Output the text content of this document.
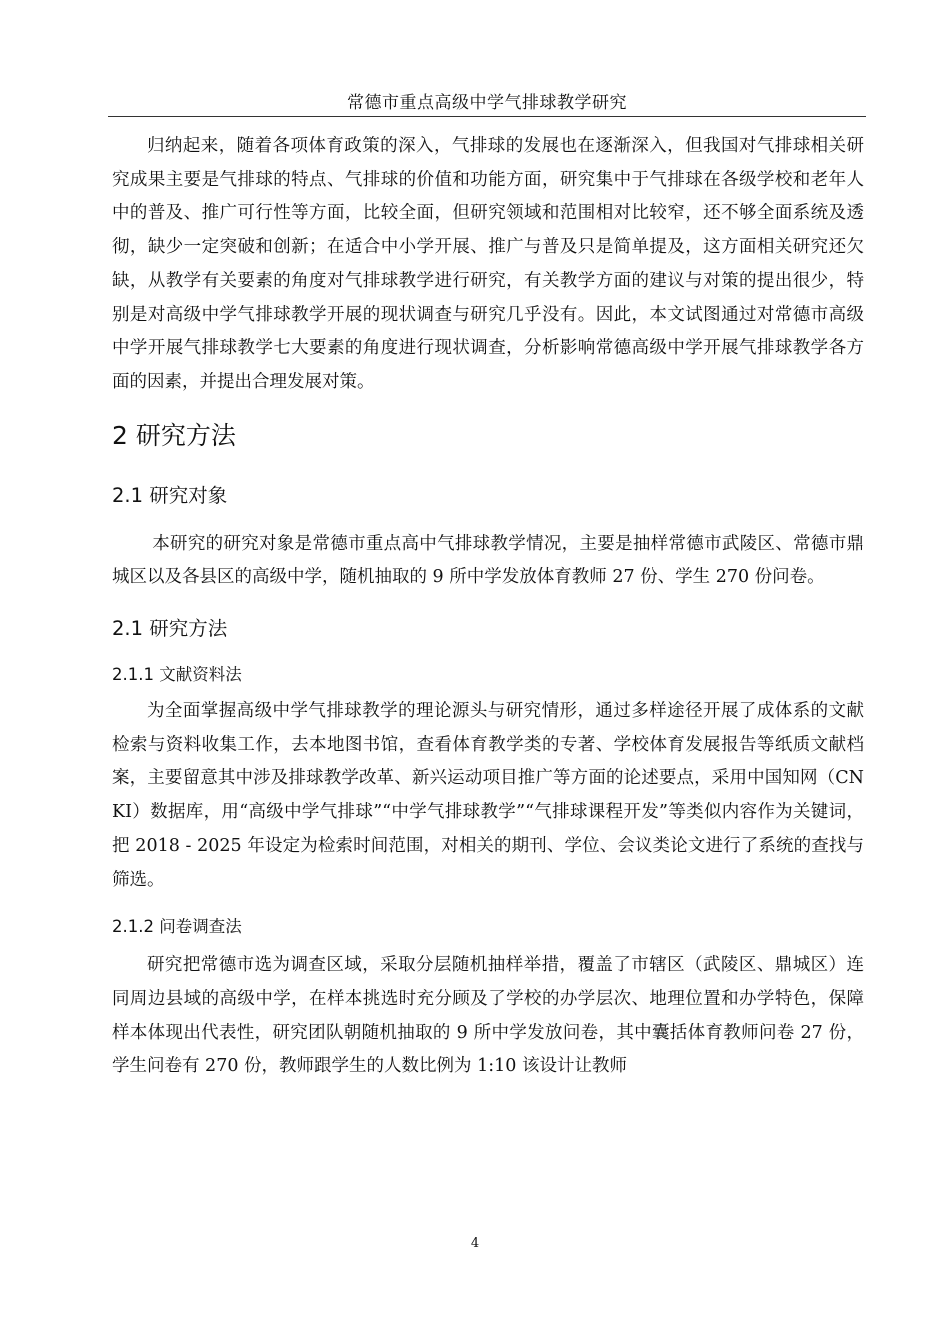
常德市重点高级中学气排球教学研究

归纳起来，随着各项体育政策的深入，气排球的发展也在逐渐深入，但我国对气排球相关研究成果主要是气排球的特点、气排球的价值和功能方面，研究集中于气排球在各级学校和老年人中的普及、推广可行性等方面，比较全面，但研究领域和范围相对比较窄，还不够全面系统及透彻，缺少一定突破和创新；在适合中小学开展、推广与普及只是简单提及，这方面相关研究还欠缺，从教学有关要素的角度对气排球教学进行研究，有关教学方面的建议与对策的提出很少，特别是对高级中学气排球教学开展的现状调查与研究几乎没有。因此，本文试图通过对常德市高级中学开展气排球教学七大要素的角度进行现状调查，分析影响常德高级中学开展气排球教学各方面的因素，并提出合理发展对策。

2 研究方法
2.1 研究对象

本研究的研究对象是常德市重点高中气排球教学情况，主要是抽样常德市武陵区、常德市鼎城区以及各县区的高级中学，随机抽取的 9 所中学发放体育教师 27 份、学生 270 份问卷。

2.1 研究方法
2.1.1 文献资料法

为全面掌握高级中学气排球教学的理论源头与研究情形，通过多样途径开展了成体系的文献检索与资料收集工作，去本地图书馆，查看体育教学类的专著、学校体育发展报告等纸质文献档案，主要留意其中涉及排球教学改革、新兴运动项目推广等方面的论述要点，采用中国知网（CNKI）数据库，用“高级中学气排球”“中学气排球教学”“气排球课程开发”等类似内容作为关键词，把 2018 - 2025 年设定为检索时间范围，对相关的期刊、学位、会议类论文进行了系统的查找与筛选。

2.1.2 问卷调查法

研究把常德市选为调查区域，采取分层随机抽样举措，覆盖了市辖区（武陵区、鼎城区）连同周边县域的高级中学，在样本挑选时充分顾及了学校的办学层次、地理位置和办学特色，保障样本体现出代表性，研究团队朝随机抽取的 9 所中学发放问卷，其中囊括体育教师问卷 27 份，学生问卷有 270 份，教师跟学生的人数比例为 1:10 该设计让教师

4
